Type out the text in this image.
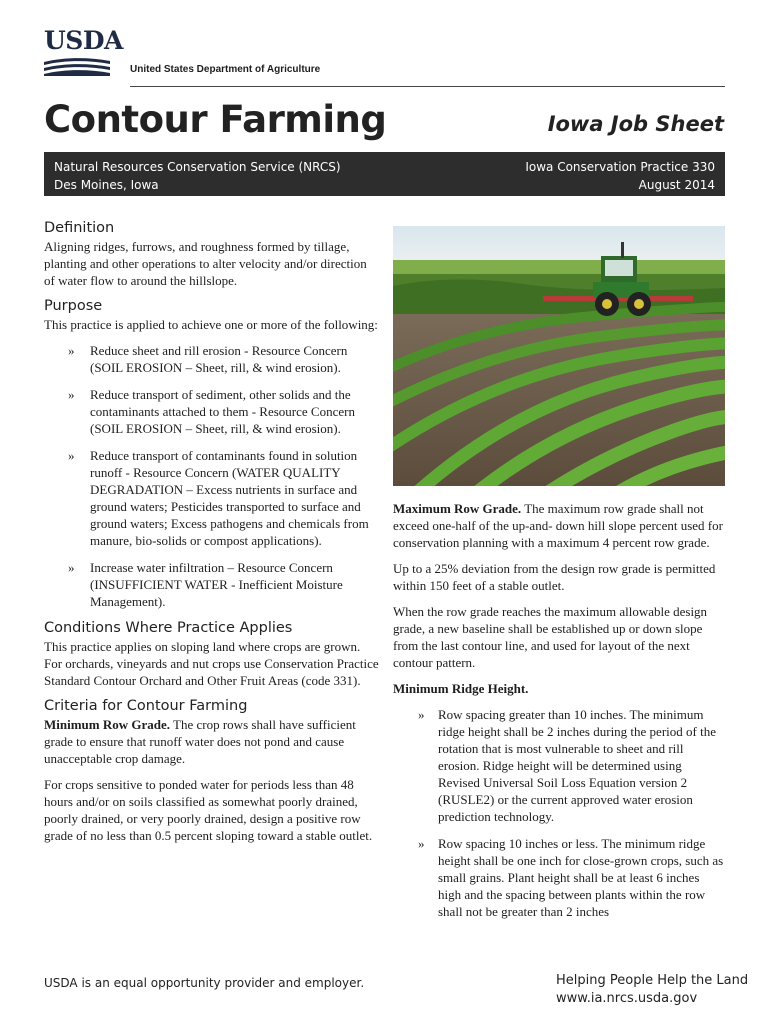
USDA
United States Department of Agriculture
Contour Farming	Iowa Job Sheet
Natural Resources Conservation Service (NRCS)
Des Moines, Iowa
Iowa Conservation Practice 330
August 2014
Definition

Aligning ridges, furrows, and roughness formed by tillage, planting and other operations to alter velocity and/or direction of water flow to around the hillslope.

Purpose

This practice is applied to achieve one or more of the following:

» Reduce sheet and rill erosion - Resource Concern (SOIL EROSION – Sheet, rill, & wind erosion).
» Reduce transport of sediment, other solids and the contaminants attached to them - Resource Concern (SOIL EROSION – Sheet, rill, & wind erosion).
» Reduce transport of contaminants found in solution runoff - Resource Concern (WATER QUALITY DEGRADATION – Excess nutrients in surface and ground waters; Pesticides transported to surface and ground waters; Excess pathogens and chemicals from manure, bio-solids or compost applications).
» Increase water infiltration – Resource Concern (INSUFFICIENT WATER - Inefficient Moisture Management).
Conditions Where Practice Applies

This practice applies on sloping land where crops are grown. For orchards, vineyards and nut crops use Conservation Practice Standard Contour Orchard and Other Fruit Areas (code 331).

Criteria for Contour Farming

Minimum Row Grade. The crop rows shall have sufficient grade to ensure that runoff water does not pond and cause unacceptable crop damage.

For crops sensitive to ponded water for periods less than 48 hours and/or on soils classified as somewhat poorly drained, poorly drained, or very poorly drained, design a positive row grade of no less than 0.5 percent sloping toward a stable outlet.

Maximum Row Grade. The maximum row grade shall not exceed one-half of the up-and- down hill slope percent used for conservation planning with a maximum 4 percent row grade.

Up to a 25% deviation from the design row grade is permitted within 150 feet of a stable outlet.

When the row grade reaches the maximum allowable design grade, a new baseline shall be established up or down slope from the last contour line, and used for layout of the next contour pattern.

Minimum Ridge Height.

» Row spacing greater than 10 inches. The minimum ridge height shall be 2 inches during the period of the rotation that is most vulnerable to sheet and rill erosion. Ridge height will be determined using Revised Universal Soil Loss Equation version 2 (RUSLE2) or the current approved water erosion prediction technology.
» Row spacing 10 inches or less. The minimum ridge height shall be one inch for close-grown crops, such as small grains. Plant height shall be at least 6 inches high and the spacing between plants within the row shall not be greater than 2 inches
USDA is an equal opportunity provider and employer.	Helping People Help the Land
www.ia.nrcs.usda.gov
